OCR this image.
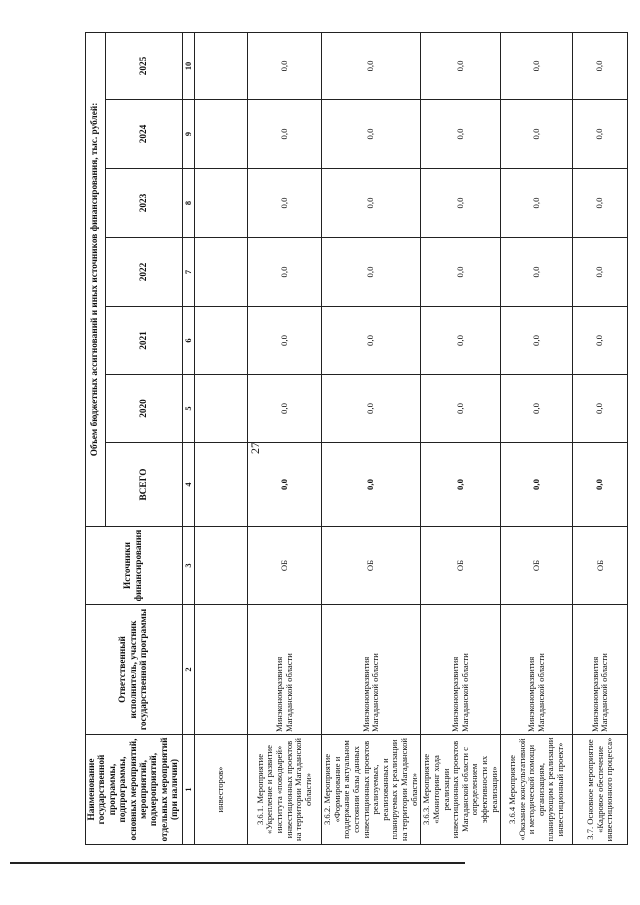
27
Наименование государственной программы, подпрограммы, основных мероприятий, мероприятий, подмероприятий, отдельных мероприятий (при наличии)	Ответственный исполнитель, участник государственной программы	Источники финансирования	Объем бюджетных ассигнований и иных источников финансирования, тыс. рублей:						
			ВСЕГО	2020	2021	2022	2023	2024	2025
1	2	3	4	5	6	7	8	9	10
инвесторов»									
3.6.1. Мероприятие «Укрепление и развитие института «поводырей» инвестиционных проектов на территории Магаданской области»	Минэкономразвития Магаданской области	ОБ	0,0	0,0	0,0	0,0	0,0	0,0	0,0
3.6.2. Мероприятие «Формирование и поддержание в актуальном состоянии базы данных инвестиционных проектов реализуемых, реализованных и планируемых к реализации на территории Магаданской области»	Минэкономразвития Магаданской области	ОБ	0,0	0,0	0,0	0,0	0,0	0,0	0,0
3.6.3. Мероприятие «Мониторинг хода реализации инвестиционных проектов Магаданской области с определением эффективности их реализации»	Минэкономразвития Магаданской области	ОБ	0,0	0,0	0,0	0,0	0,0	0,0	0,0
3.6.4 Мероприятие «Оказание консультативной и методической помощи организациям, планирующим к реализации инвестиционный проект»	Минэкономразвития Магаданской области	ОБ	0,0	0,0	0,0	0,0	0,0	0,0	0,0
3.7. Основное мероприятие «Кадровое обеспечение инвестиционного процесса»	Минэкономразвития Магаданской области	ОБ	0,0	0,0	0,0	0,0	0,0	0,0	0,0
